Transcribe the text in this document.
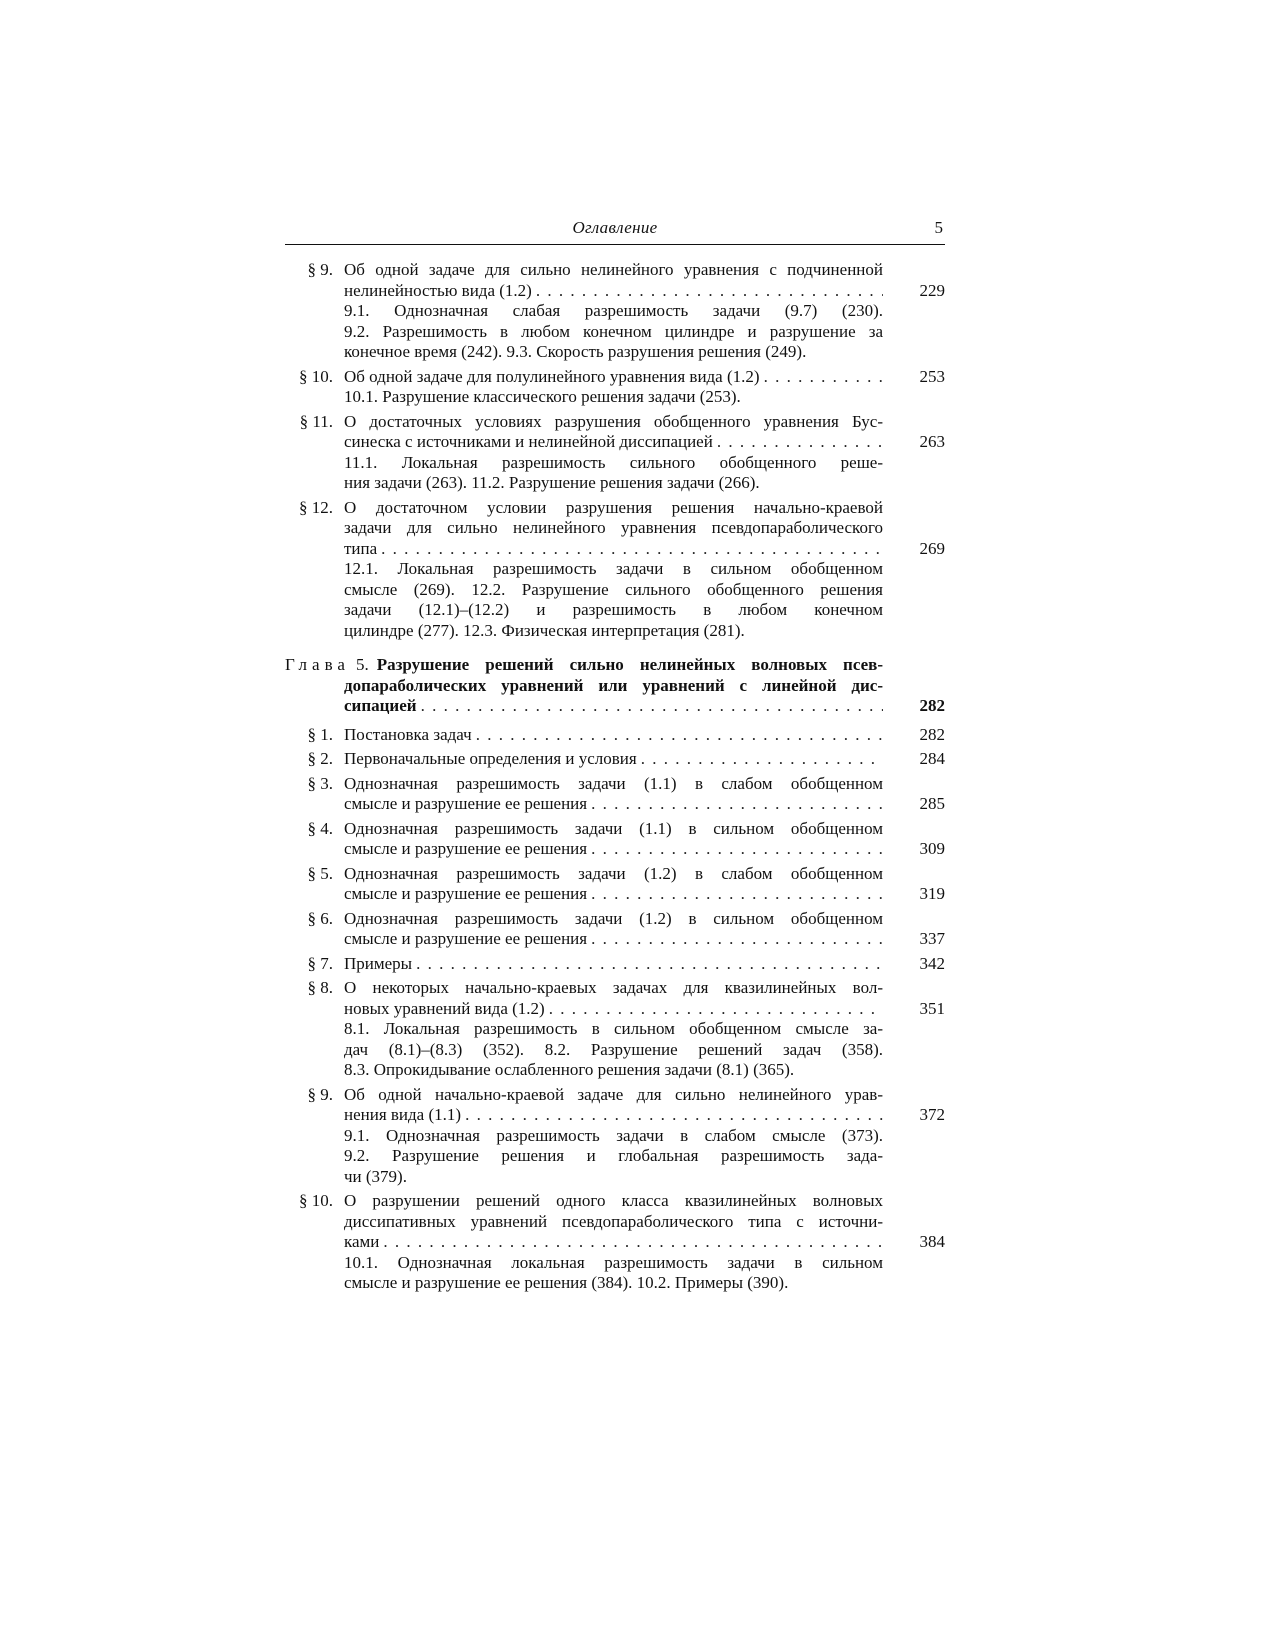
Оглавление	5
§ 9. Об одной задаче для сильно нелинейного уравнения с подчиненной
нелинейностью вида (1.2) . . .	229
9.1. Однозначная слабая разрешимость задачи (9.7) (230).
9.2. Разрешимость в любом конечном цилиндре и разрушение за
конечное время (242). 9.3. Скорость разрушения решения (249).
§ 10. Об одной задаче для полулинейного уравнения вида (1.2) . . .	253
10.1. Разрушение классического решения задачи (253).
§ 11. О достаточных условиях разрушения обобщенного уравнения Бус-
синеска с источниками и нелинейной диссипацией . . .	263
11.1. Локальная разрешимость сильного обобщенного реше-
ния задачи (263). 11.2. Разрушение решения задачи (266).
§ 12. О достаточном условии разрушения решения начально-краевой
задачи для сильно нелинейного уравнения псевдопараболического
типа . . .	269
12.1. Локальная разрешимость задачи в сильном обобщенном
смысле (269). 12.2. Разрушение сильного обобщенного решения
задачи (12.1)–(12.2) и разрешимость в любом конечном
цилиндре (277). 12.3. Физическая интерпретация (281).
Глава 5. Разрушение решений сильно нелинейных волновых псев-
допараболических уравнений или уравнений с линейной дис-
сипацией . . .	282
§ 1. Постановка задач . . .	282
§ 2. Первоначальные определения и условия . . .	284
§ 3. Однозначная разрешимость задачи (1.1) в слабом обобщенном
смысле и разрушение ее решения . . .	285
§ 4. Однозначная разрешимость задачи (1.1) в сильном обобщенном
смысле и разрушение ее решения . . .	309
§ 5. Однозначная разрешимость задачи (1.2) в слабом обобщенном
смысле и разрушение ее решения . . .	319
§ 6. Однозначная разрешимость задачи (1.2) в сильном обобщенном
смысле и разрушение ее решения . . .	337
§ 7. Примеры . . .	342
§ 8. О некоторых начально-краевых задачах для квазилинейных вол-
новых уравнений вида (1.2) . . .	351
8.1. Локальная разрешимость в сильном обобщенном смысле за-
дач (8.1)–(8.3) (352). 8.2. Разрушение решений задач (358).
8.3. Опрокидывание ослабленного решения задачи (8.1) (365).
§ 9. Об одной начально-краевой задаче для сильно нелинейного урав-
нения вида (1.1) . . .	372
9.1. Однозначная разрешимость задачи в слабом смысле (373).
9.2. Разрушение решения и глобальная разрешимость зада-
чи (379).
§ 10. О разрушении решений одного класса квазилинейных волновых
диссипативных уравнений псевдопараболического типа с источни-
ками . . .	384
10.1. Однозначная локальная разрешимость задачи в сильном
смысле и разрушение ее решения (384). 10.2. Примеры (390).
